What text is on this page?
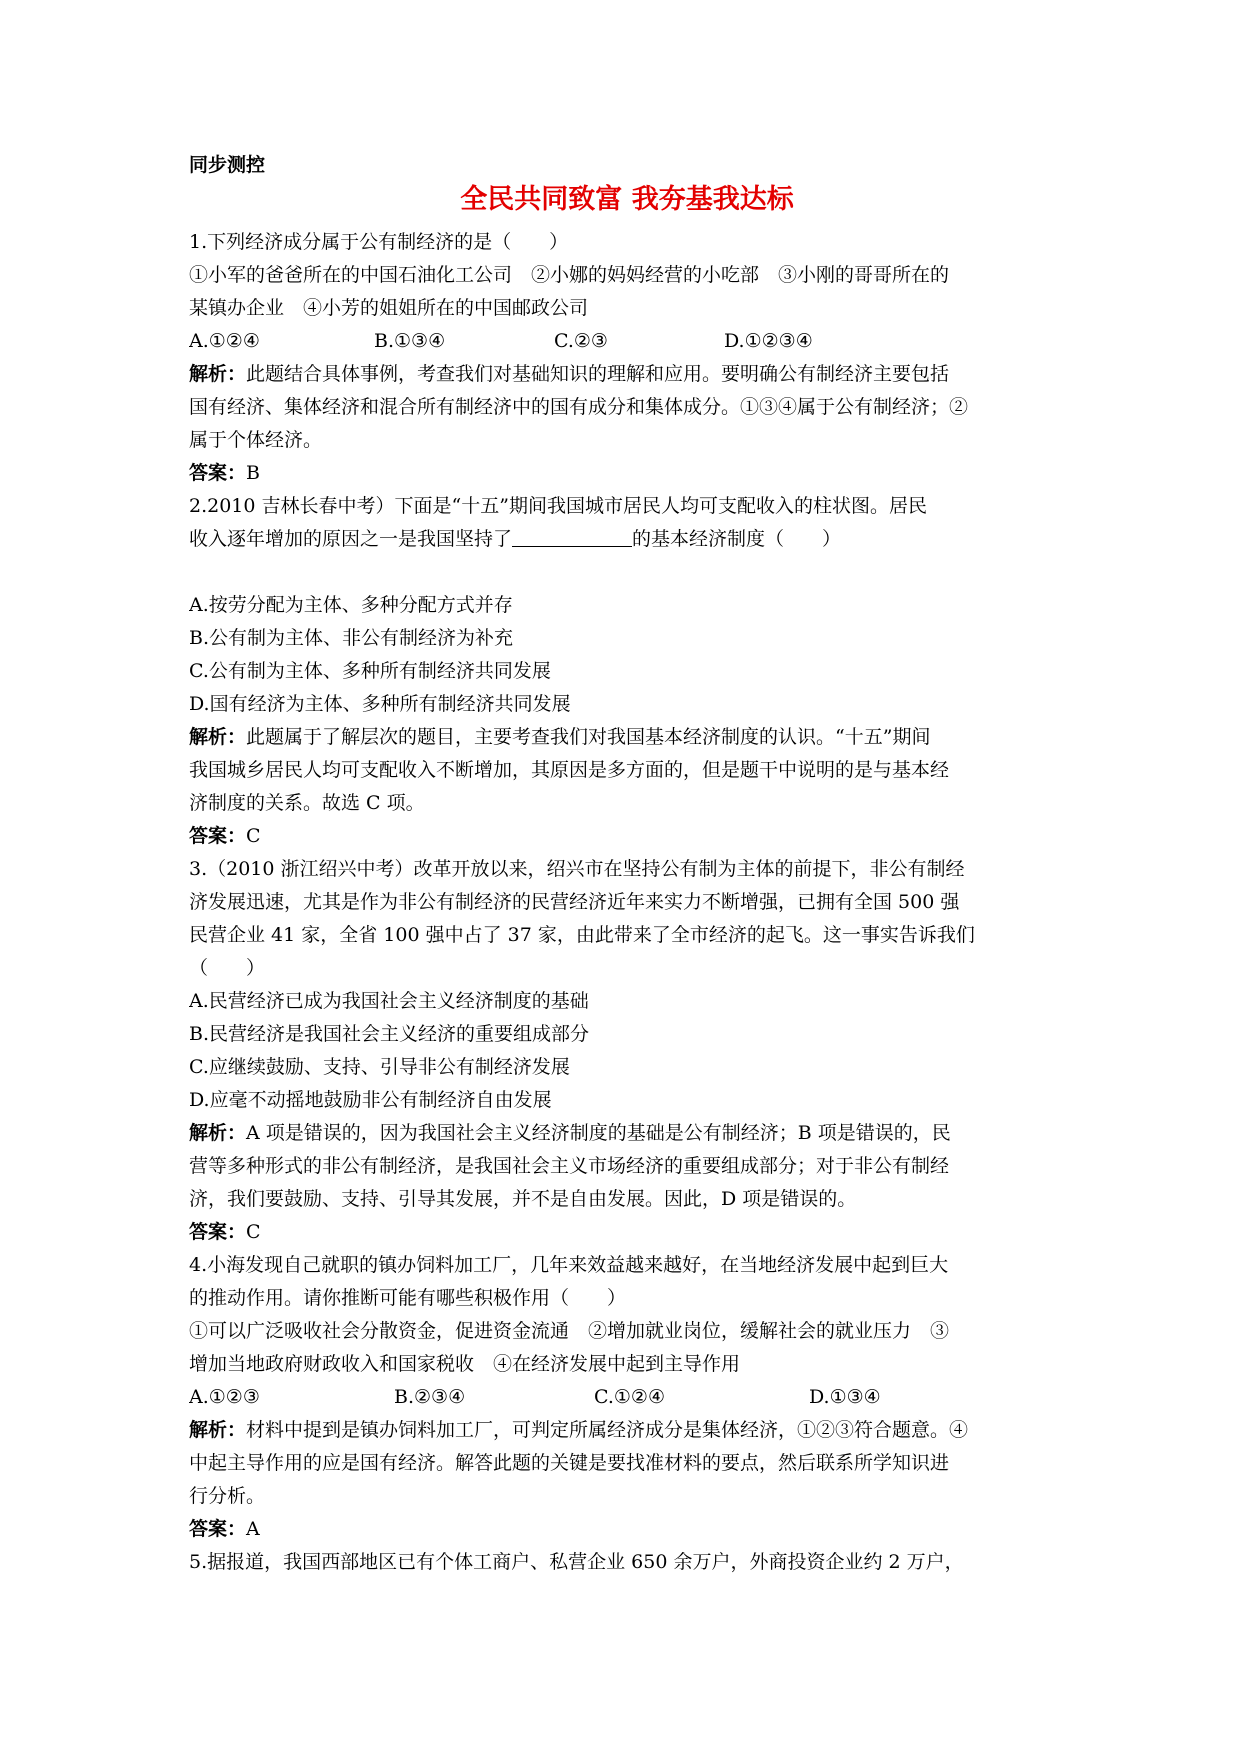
同步测控
全民共同致富 我夯基我达标
1.下列经济成分属于公有制经济的是（　　）
①小军的爸爸所在的中国石油化工公司　②小娜的妈妈经营的小吃部　③小刚的哥哥所在的
某镇办企业　④小芳的姐姐所在的中国邮政公司
A.①②④	B.①③④	C.②③	D.①②③④
解析：此题结合具体事例，考查我们对基础知识的理解和应用。要明确公有制经济主要包括
国有经济、集体经济和混合所有制经济中的国有成分和集体成分。①③④属于公有制经济；②
属于个体经济。
答案：B
2.2010 吉林长春中考）下面是“十五”期间我国城市居民人均可支配收入的柱状图。居民
收入逐年增加的原因之一是我国坚持了	的基本经济制度（　　）
A.按劳分配为主体、多种分配方式并存
B.公有制为主体、非公有制经济为补充
C.公有制为主体、多种所有制经济共同发展
D.国有经济为主体、多种所有制经济共同发展
解析：此题属于了解层次的题目，主要考查我们对我国基本经济制度的认识。“十五”期间
我国城乡居民人均可支配收入不断增加，其原因是多方面的，但是题干中说明的是与基本经
济制度的关系。故选 C 项。
答案：C
3.（2010 浙江绍兴中考）改革开放以来，绍兴市在坚持公有制为主体的前提下，非公有制经
济发展迅速，尤其是作为非公有制经济的民营经济近年来实力不断增强，已拥有全国 500 强
民营企业 41 家，全省 100 强中占了 37 家，由此带来了全市经济的起飞。这一事实告诉我们
（　　）
A.民营经济已成为我国社会主义经济制度的基础
B.民营经济是我国社会主义经济的重要组成部分
C.应继续鼓励、支持、引导非公有制经济发展
D.应毫不动摇地鼓励非公有制经济自由发展
解析：A 项是错误的，因为我国社会主义经济制度的基础是公有制经济；B 项是错误的，民
营等多种形式的非公有制经济，是我国社会主义市场经济的重要组成部分；对于非公有制经
济，我们要鼓励、支持、引导其发展，并不是自由发展。因此，D 项是错误的。
答案：C
4.小海发现自己就职的镇办饲料加工厂，几年来效益越来越好，在当地经济发展中起到巨大
的推动作用。请你推断可能有哪些积极作用（　　）
①可以广泛吸收社会分散资金，促进资金流通　②增加就业岗位，缓解社会的就业压力　③
增加当地政府财政收入和国家税收　④在经济发展中起到主导作用
A.①②③	B.②③④	C.①②④	D.①③④
解析：材料中提到是镇办饲料加工厂，可判定所属经济成分是集体经济，①②③符合题意。④
中起主导作用的应是国有经济。解答此题的关键是要找准材料的要点，然后联系所学知识进
行分析。
答案：A
5.据报道，我国西部地区已有个体工商户、私营企业 650 余万户，外商投资企业约 2 万户，
